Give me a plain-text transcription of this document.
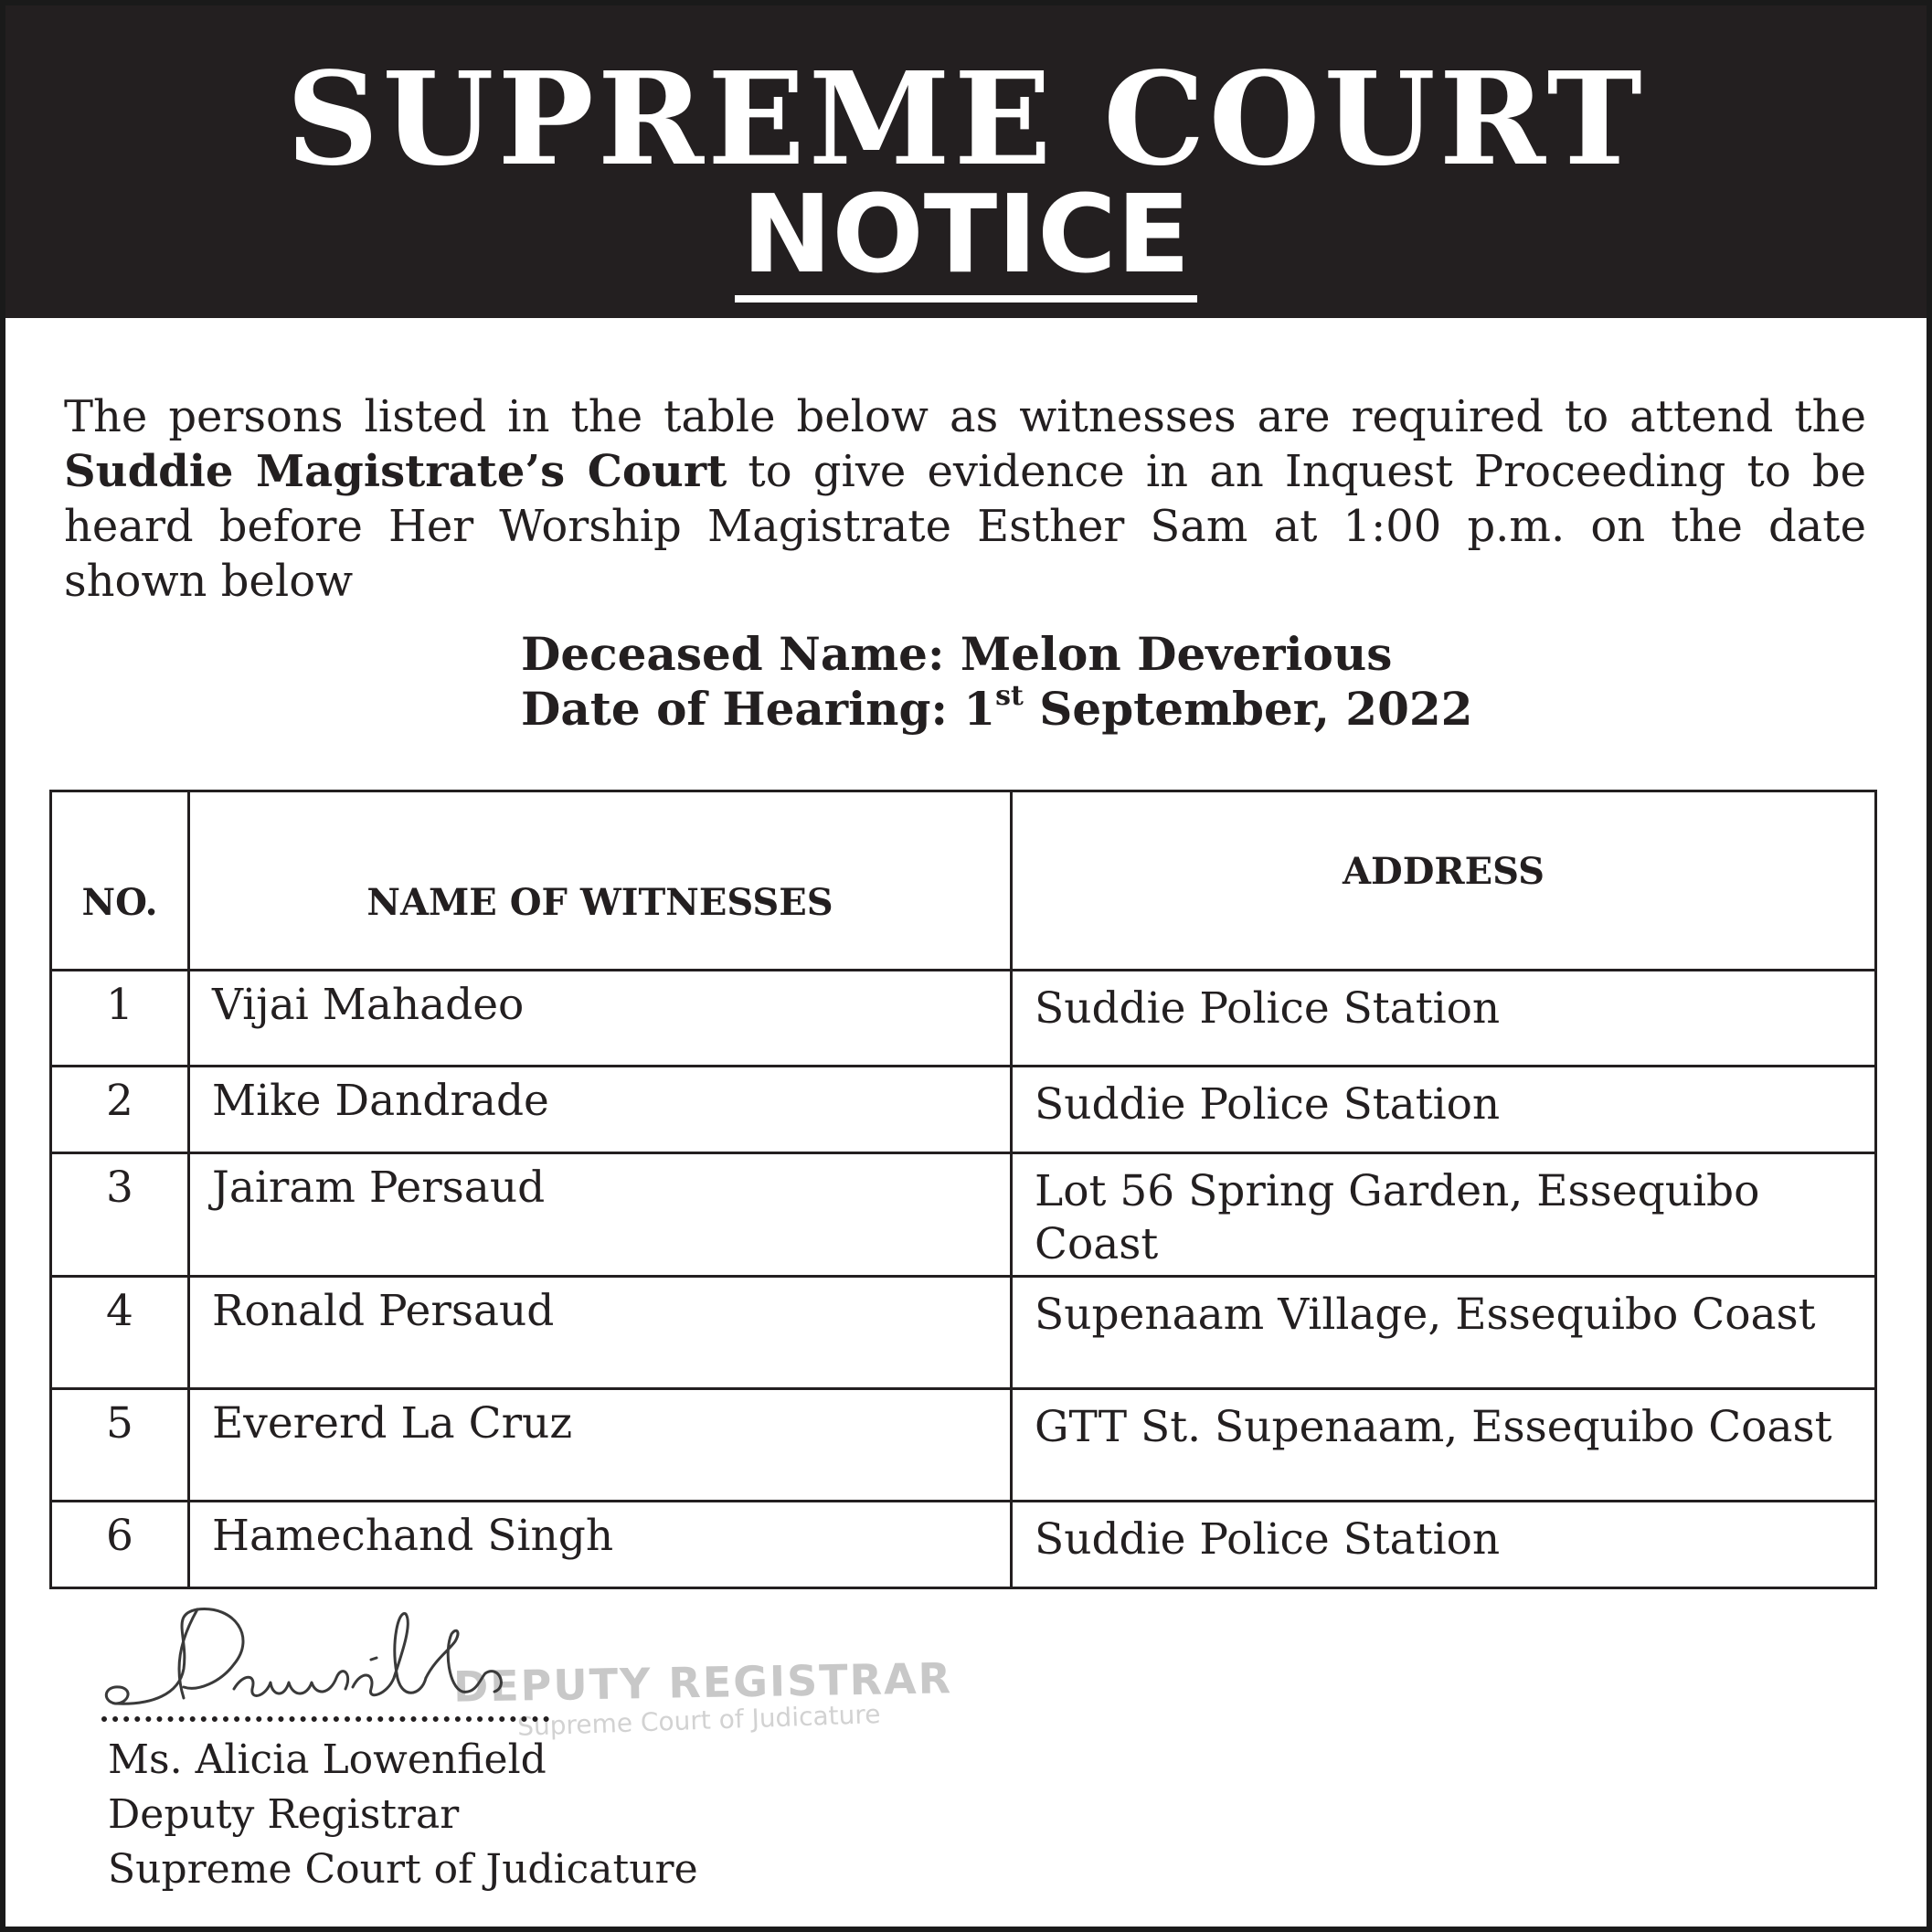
SUPREME COURT
NOTICE

The persons listed in the table below as witnesses are required to attend the Suddie Magistrate’s Court to give evidence in an Inquest Proceeding to be heard before Her Worship Magistrate Esther Sam at 1:00 p.m. on the date shown below

Deceased Name: Melon Deverious
Date of Hearing: 1st September, 2022
NO.	NAME OF WITNESSES	ADDRESS
1	Vijai Mahadeo	Suddie Police Station
2	Mike Dandrade	Suddie Police Station
3	Jairam Persaud	Lot 56 Spring Garden, Essequibo Coast
4	Ronald Persaud	Supenaam Village, Essequibo Coast
5	Evererd La Cruz	GTT St. Supenaam, Essequibo Coast
6	Hamechand Singh	Suddie Police Station
DEPUTY REGISTRAR
Supreme Court of Judicature
Ms. Alicia Lowenfield
Deputy Registrar
Supreme Court of Judicature
